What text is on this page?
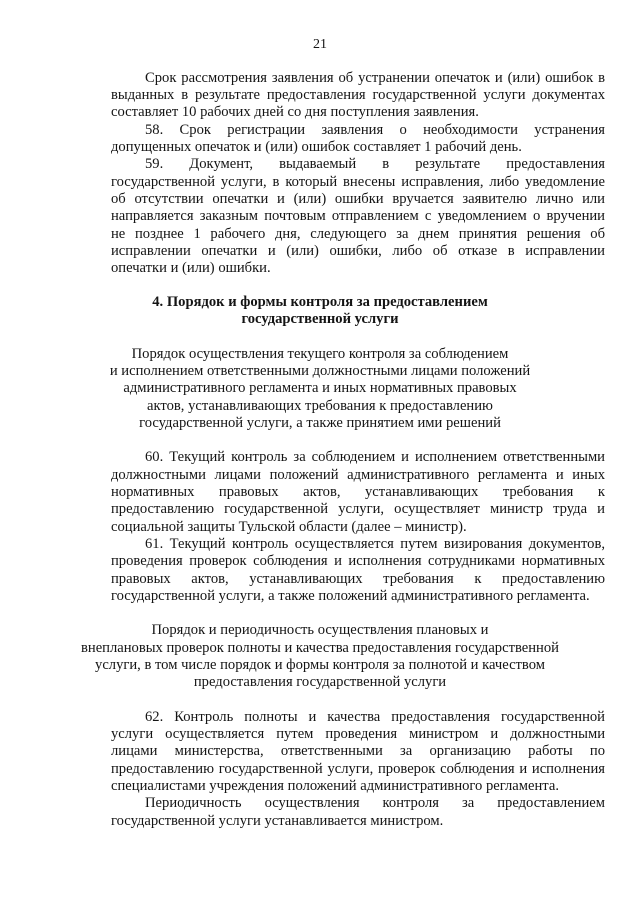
21
Срок рассмотрения заявления об устранении опечаток и (или) ошибок в
выданных в результате предоставления государственной услуги документах
составляет 10 рабочих дней со дня поступления заявления.
58. Срок регистрации заявления о необходимости устранения
допущенных опечаток и (или) ошибок составляет 1 рабочий день.
59. Документ, выдаваемый в результате предоставления
государственной услуги, в который внесены исправления, либо уведомление
об отсутствии опечатки и (или) ошибки вручается заявителю лично или
направляется заказным почтовым отправлением с уведомлением о вручении
не позднее 1 рабочего дня, следующего за днем принятия решения об
исправлении опечатки и (или) ошибки, либо об отказе в исправлении
опечатки и (или) ошибки.
4. Порядок и формы контроля за предоставлением
государственной услуги
Порядок осуществления текущего контроля за соблюдением
и исполнением ответственными должностными лицами положений
административного регламента и иных нормативных правовых
актов, устанавливающих требования к предоставлению
государственной услуги, а также принятием ими решений
60. Текущий контроль за соблюдением и исполнением ответственными
должностными лицами положений административного регламента и иных
нормативных правовых актов, устанавливающих требования к
предоставлению государственной услуги, осуществляет министр труда и
социальной защиты Тульской области (далее – министр).
61. Текущий контроль осуществляется путем визирования документов,
проведения проверок соблюдения и исполнения сотрудниками нормативных
правовых актов, устанавливающих требования к предоставлению
государственной услуги, а также положений административного регламента.
Порядок и периодичность осуществления плановых и
внеплановых проверок полноты и качества предоставления государственной
услуги, в том числе порядок и формы контроля за полнотой и качеством
предоставления государственной услуги
62. Контроль полноты и качества предоставления государственной
услуги осуществляется путем проведения министром и должностными
лицами министерства, ответственными за организацию работы по
предоставлению государственной услуги, проверок соблюдения и исполнения
специалистами учреждения положений административного регламента.
Периодичность осуществления контроля за предоставлением
государственной услуги устанавливается министром.
